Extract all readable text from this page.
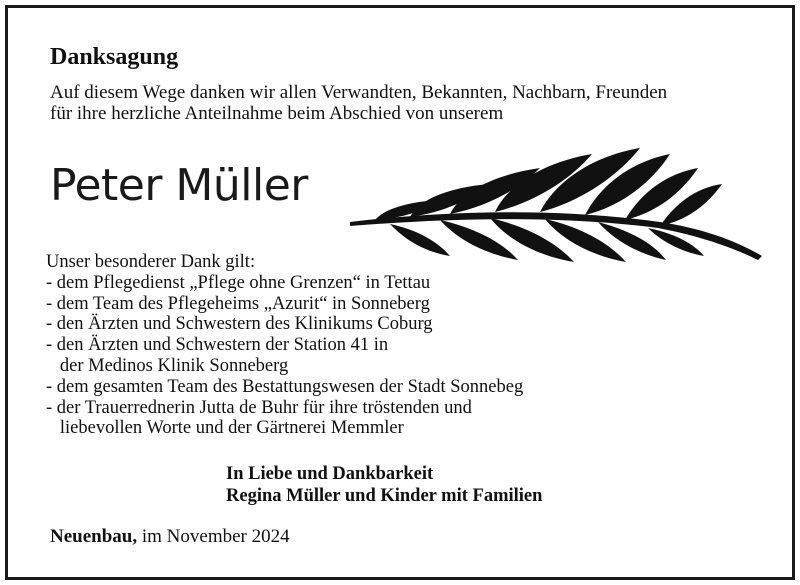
Danksagung
Auf diesem Wege danken wir allen Verwandten, Bekannten, Nachbarn, Freunden
für ihre herzliche Anteilnahme beim Abschied von unserem
Peter Müller
Unser besonderer Dank gilt:
- dem Pflegedienst „Pflege ohne Grenzen“ in Tettau
- dem Team des Pflegeheims „Azurit“ in Sonneberg
- den Ärzten und Schwestern des Klinikums Coburg
- den Ärzten und Schwestern der Station 41 in
der Medinos Klinik Sonneberg
- dem gesamten Team des Bestattungswesen der Stadt Sonnebeg
- der Trauerrednerin Jutta de Buhr für ihre tröstenden und
liebevollen Worte und der Gärtnerei Memmler
In Liebe und Dankbarkeit
Regina Müller und Kinder mit Familien
Neuenbau, im November 2024
